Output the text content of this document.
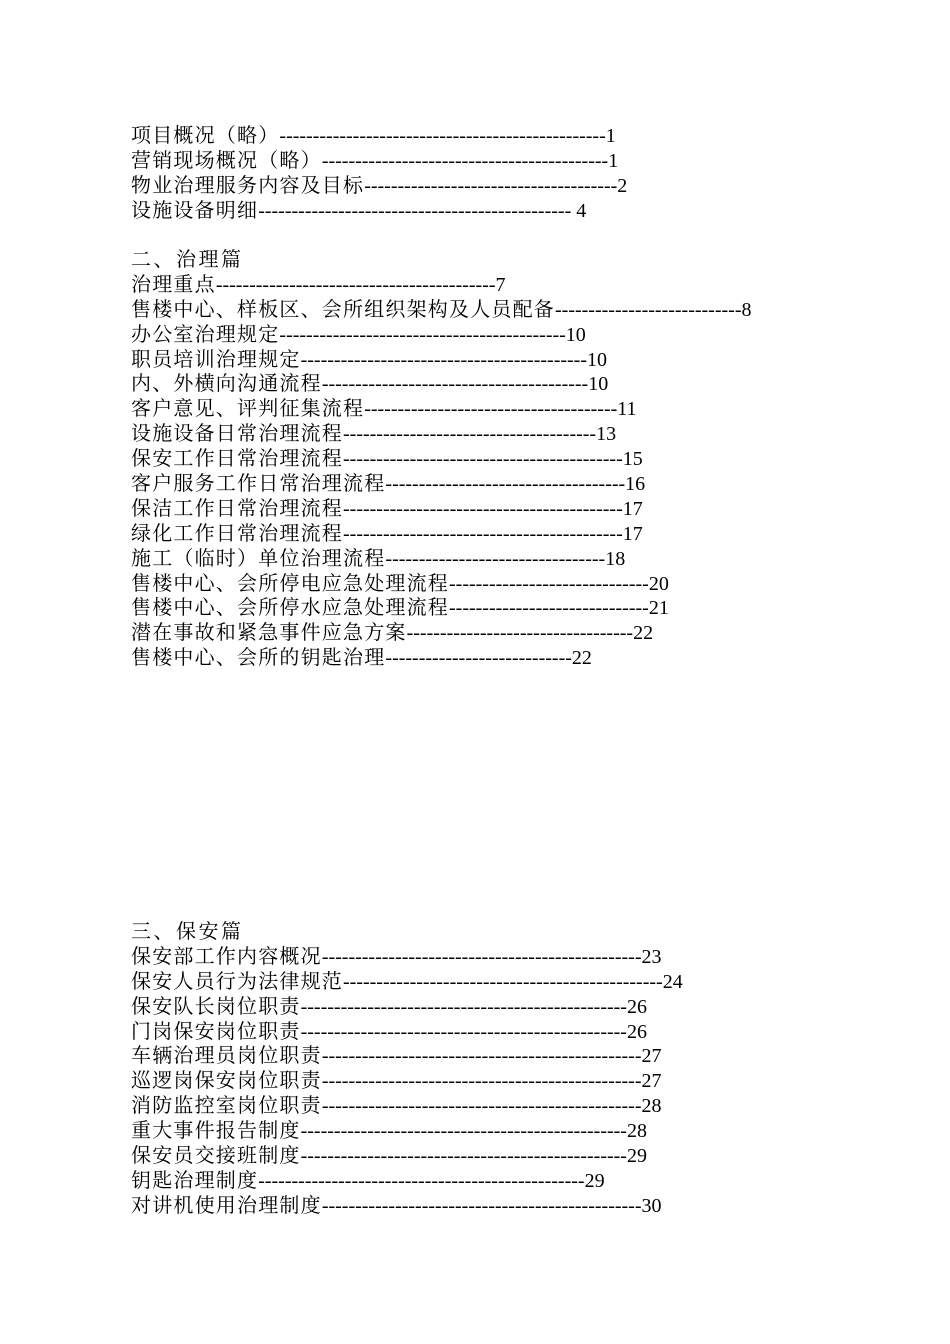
项目概况（略）-------------------------------------------------1
营销现场概况（略）-------------------------------------------1
物业治理服务内容及目标--------------------------------------2
设施设备明细----------------------------------------------- 4
二、治理篇
治理重点------------------------------------------7
售楼中心、样板区、会所组织架构及人员配备----------------------------8
办公室治理规定-------------------------------------------10
职员培训治理规定-------------------------------------------10
内、外横向沟通流程----------------------------------------10
客户意见、评判征集流程--------------------------------------11
设施设备日常治理流程--------------------------------------13
保安工作日常治理流程------------------------------------------15
客户服务工作日常治理流程------------------------------------16
保洁工作日常治理流程------------------------------------------17
绿化工作日常治理流程------------------------------------------17
施工（临时）单位治理流程---------------------------------18
售楼中心、会所停电应急处理流程------------------------------20
售楼中心、会所停水应急处理流程------------------------------21
潜在事故和紧急事件应急方案----------------------------------22
售楼中心、会所的钥匙治理----------------------------22
三、保安篇
保安部工作内容概况------------------------------------------------23
保安人员行为法律规范------------------------------------------------24
保安队长岗位职责-------------------------------------------------26
门岗保安岗位职责-------------------------------------------------26
车辆治理员岗位职责------------------------------------------------27
巡逻岗保安岗位职责------------------------------------------------27
消防监控室岗位职责------------------------------------------------28
重大事件报告制度-------------------------------------------------28
保安员交接班制度-------------------------------------------------29
钥匙治理制度-------------------------------------------------29
对讲机使用治理制度------------------------------------------------30
